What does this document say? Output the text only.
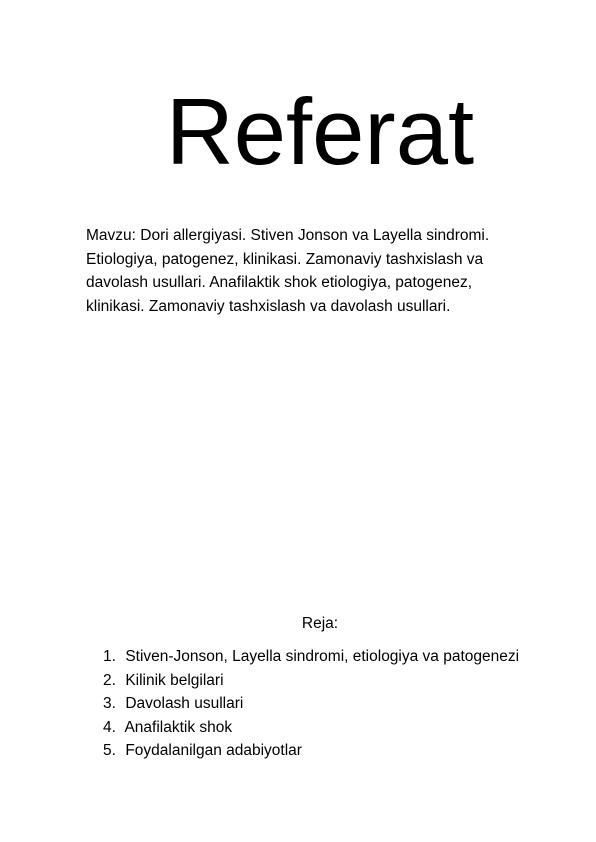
Referat
Mavzu: Dori allergiyasi. Stiven Jonson va Layella sindromi. Etiologiya, patogenez, klinikasi. Zamonaviy tashxislash va davolash usullari. Anafilaktik shok etiologiya, patogenez, klinikasi. Zamonaviy tashxislash va davolash usullari.
Reja:
1. Stiven-Jonson, Layella sindromi, etiologiya va patogenezi
2. Kilinik belgilari
3. Davolash usullari
4. Anafilaktik shok
5. Foydalanilgan adabiyotlar
